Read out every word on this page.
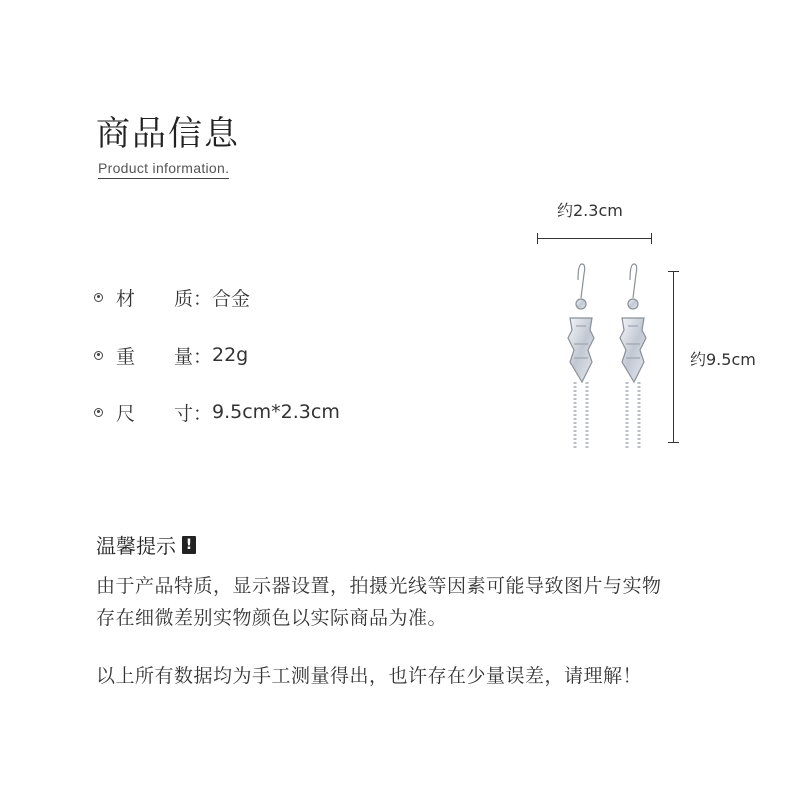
商品信息
Product information.
材 质： 合金
重 量： 22g
尺 寸： 9.5cm*2.3cm
约2.3cm
约9.5cm
温馨提示 !
由于产品特质，显示器设置，拍摄光线等因素可能导致图片与实物
存在细微差别实物颜色以实际商品为准。
以上所有数据均为手工测量得出，也许存在少量误差，请理解！
